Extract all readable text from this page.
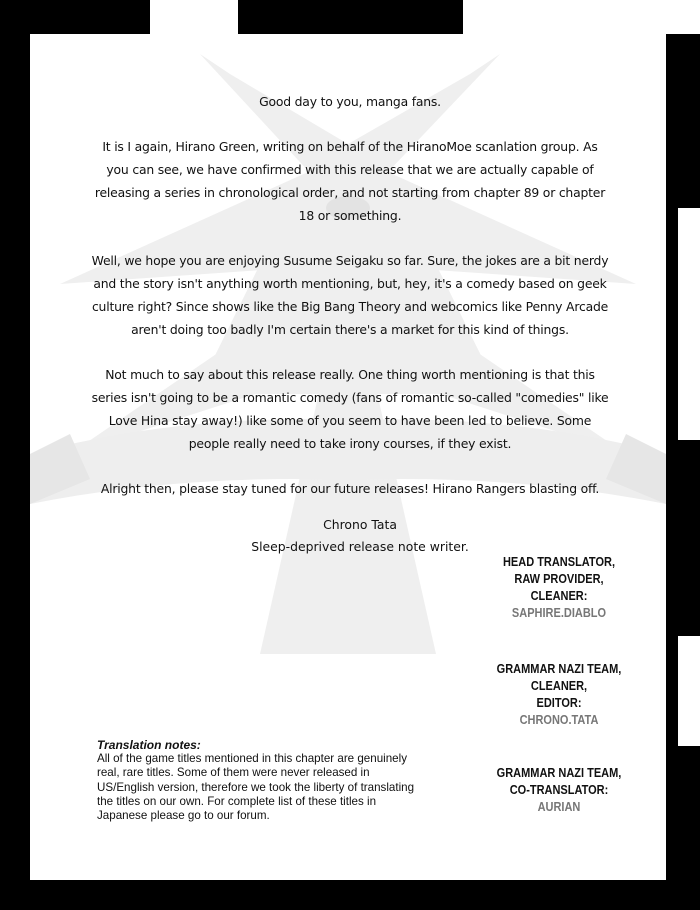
Good day to you, manga fans.

It is I again, Hirano Green, writing on behalf of the HiranoMoe scanlation group. As you can see, we have confirmed with this release that we are actually capable of releasing a series in chronological order, and not starting from chapter 89 or chapter 18 or something.

Well, we hope you are enjoying Susume Seigaku so far. Sure, the jokes are a bit nerdy and the story isn't anything worth mentioning, but, hey, it's a comedy based on geek culture right? Since shows like the Big Bang Theory and webcomics like Penny Arcade aren't doing too badly I'm certain there's a market for this kind of things.

Not much to say about this release really. One thing worth mentioning is that this series isn't going to be a romantic comedy (fans of romantic so-called "comedies" like Love Hina stay away!) like some of you seem to have been led to believe. Some people really need to take irony courses, if they exist.

Alright then, please stay tuned for our future releases! Hirano Rangers blasting off.

Chrono Tata
Sleep-deprived release note writer.
HEAD TRANSLATOR,
RAW PROVIDER,
CLEANER:
SAPHIRE.DIABLO
GRAMMAR NAZI TEAM,
CLEANER,
EDITOR:
CHRONO.TATA
GRAMMAR NAZI TEAM,
CO-TRANSLATOR:
AURIAN
Translation notes:
All of the game titles mentioned in this chapter are genuinely real, rare titles. Some of them were never released in US/English version, therefore we took the liberty of translating the titles on our own. For complete list of these titles in Japanese please go to our forum.
